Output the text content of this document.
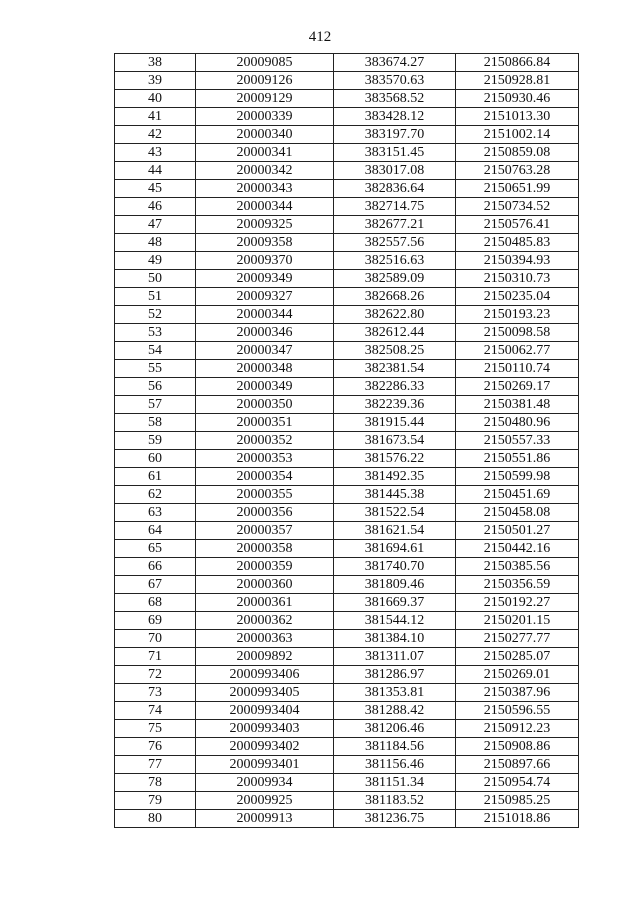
412
38	20009085	383674.27	2150866.84
39	20009126	383570.63	2150928.81
40	20009129	383568.52	2150930.46
41	20000339	383428.12	2151013.30
42	20000340	383197.70	2151002.14
43	20000341	383151.45	2150859.08
44	20000342	383017.08	2150763.28
45	20000343	382836.64	2150651.99
46	20000344	382714.75	2150734.52
47	20009325	382677.21	2150576.41
48	20009358	382557.56	2150485.83
49	20009370	382516.63	2150394.93
50	20009349	382589.09	2150310.73
51	20009327	382668.26	2150235.04
52	20000344	382622.80	2150193.23
53	20000346	382612.44	2150098.58
54	20000347	382508.25	2150062.77
55	20000348	382381.54	2150110.74
56	20000349	382286.33	2150269.17
57	20000350	382239.36	2150381.48
58	20000351	381915.44	2150480.96
59	20000352	381673.54	2150557.33
60	20000353	381576.22	2150551.86
61	20000354	381492.35	2150599.98
62	20000355	381445.38	2150451.69
63	20000356	381522.54	2150458.08
64	20000357	381621.54	2150501.27
65	20000358	381694.61	2150442.16
66	20000359	381740.70	2150385.56
67	20000360	381809.46	2150356.59
68	20000361	381669.37	2150192.27
69	20000362	381544.12	2150201.15
70	20000363	381384.10	2150277.77
71	20009892	381311.07	2150285.07
72	2000993406	381286.97	2150269.01
73	2000993405	381353.81	2150387.96
74	2000993404	381288.42	2150596.55
75	2000993403	381206.46	2150912.23
76	2000993402	381184.56	2150908.86
77	2000993401	381156.46	2150897.66
78	20009934	381151.34	2150954.74
79	20009925	381183.52	2150985.25
80	20009913	381236.75	2151018.86
